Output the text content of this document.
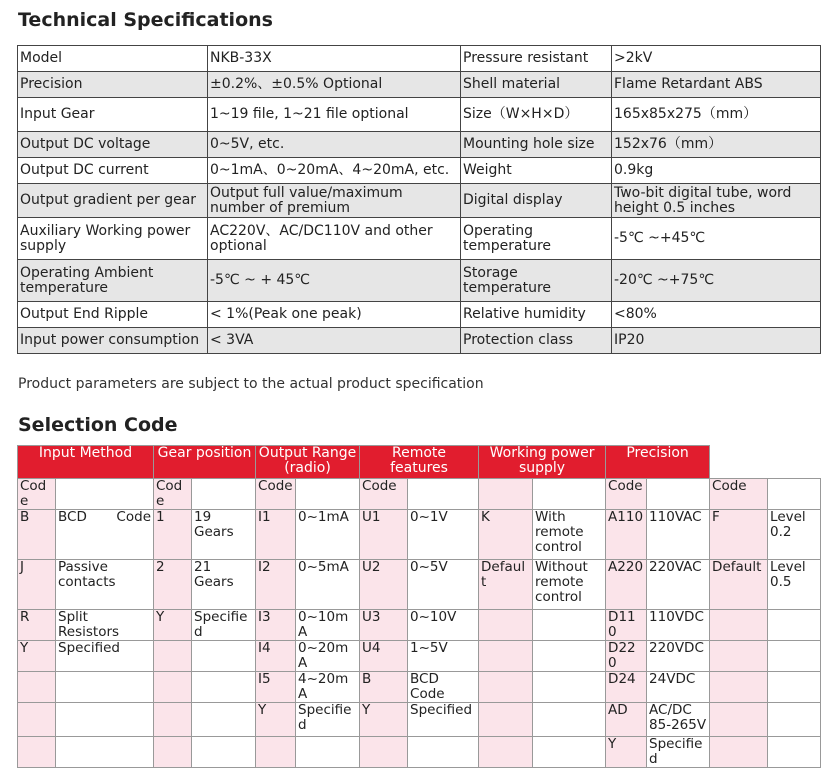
Technical Specifications
Model	NKB-33X	Pressure resistant	>2kV
Precision	±0.2%、±0.5% Optional	Shell material	Flame Retardant ABS
Input Gear	1~19 file, 1~21 file optional	Size（W×H×D）	165x85x275（mm）
Output DC voltage	0~5V, etc.	Mounting hole size	152x76（mm）
Output DC current	0~1mA、0~20mA、4~20mA, etc.	Weight	0.9kg
Output gradient per gear	Output full value/maximum number of premium	Digital display	Two-bit digital tube, word height 0.5 inches
Auxiliary Working power supply	AC220V、AC/DC110V and other optional	Operating temperature	-5℃ ~+45℃
Operating Ambient temperature	-5℃ ~ + 45℃	Storage temperature	-20℃ ~+75℃
Output End Ripple	< 1%(Peak one peak)	Relative humidity	<80%
Input power consumption	< 3VA	Protection class	IP20
Product parameters are subject to the actual product specification
Selection Code
Input Method		Gear position		Output Range (radio)		Remote features		Working power supply		Precision			
Code		Code		Code		Code				Code		Code	
B	BCD Code	1	19 Gears	I1	0~1mA	U1	0~1V	K	With remote control	A110	110VAC	F	Level 0.2
J	Passive contacts	2	21 Gears	I2	0~5mA	U2	0~5V	Default	Without remote control	A220	220VAC	Default	Level 0.5
R	Split Resistors	Y	Specified	I3	0~10mA	U3	0~10V			D110	110VDC		
Y	Specified			I4	0~20mA	U4	1~5V			D220	220VDC		
				I5	4~20mA	B	BCD Code			D24	24VDC		
				Y	Specified	Y	Specified			AD	AC/DC 85-265V		
										Y	Specified		
